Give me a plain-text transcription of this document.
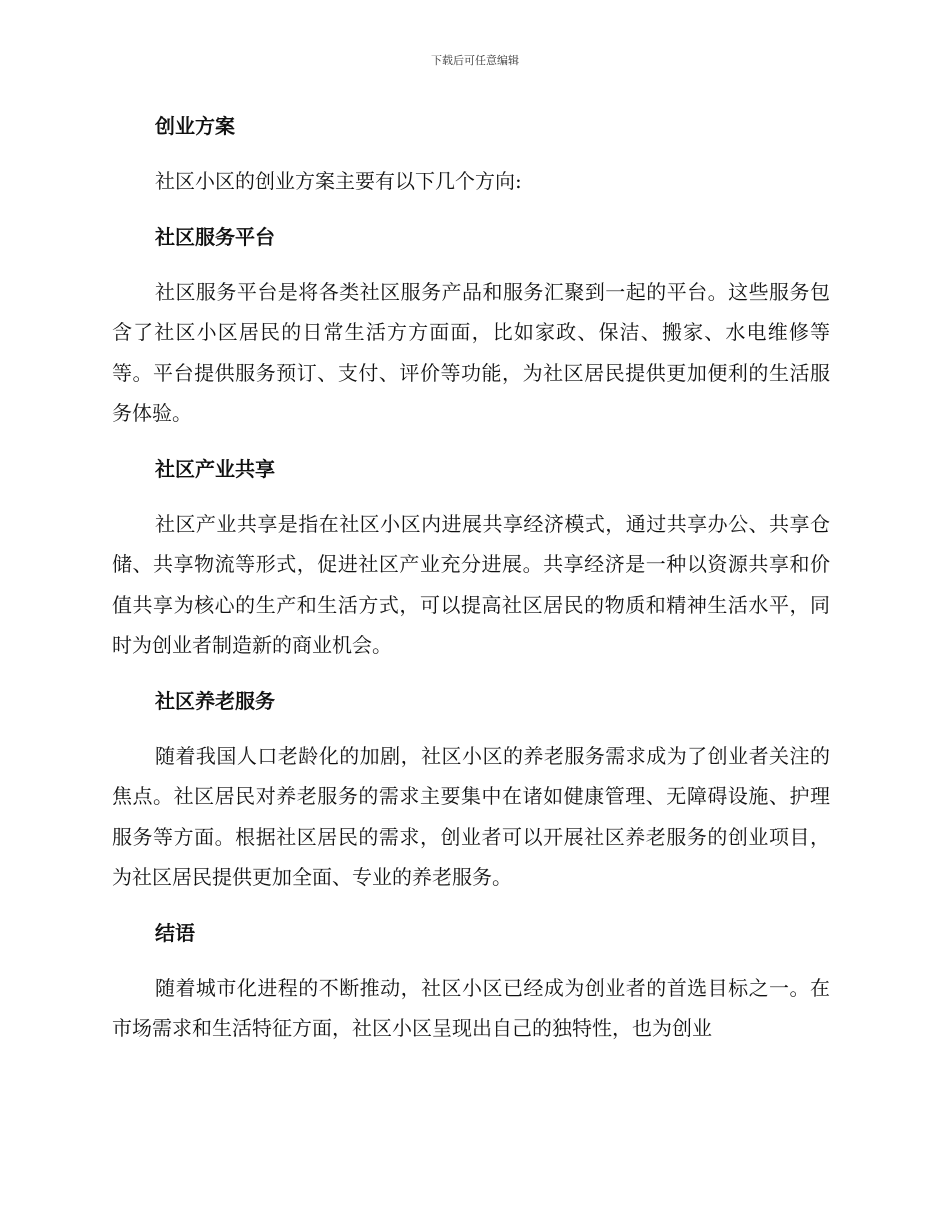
下载后可任意编辑
创业方案

社区小区的创业方案主要有以下几个方向:

社区服务平台

社区服务平台是将各类社区服务产品和服务汇聚到一起的平台。这些服务包含了社区小区居民的日常生活方方面面，比如家政、保洁、搬家、水电维修等等。平台提供服务预订、支付、评价等功能，为社区居民提供更加便利的生活服务体验。

社区产业共享

社区产业共享是指在社区小区内进展共享经济模式，通过共享办公、共享仓储、共享物流等形式，促进社区产业充分进展。共享经济是一种以资源共享和价值共享为核心的生产和生活方式，可以提高社区居民的物质和精神生活水平，同时为创业者制造新的商业机会。

社区养老服务

随着我国人口老龄化的加剧，社区小区的养老服务需求成为了创业者关注的焦点。社区居民对养老服务的需求主要集中在诸如健康管理、无障碍设施、护理服务等方面。根据社区居民的需求，创业者可以开展社区养老服务的创业项目，为社区居民提供更加全面、专业的养老服务。

结语

随着城市化进程的不断推动，社区小区已经成为创业者的首选目标之一。在市场需求和生活特征方面，社区小区呈现出自己的独特性，也为创业
